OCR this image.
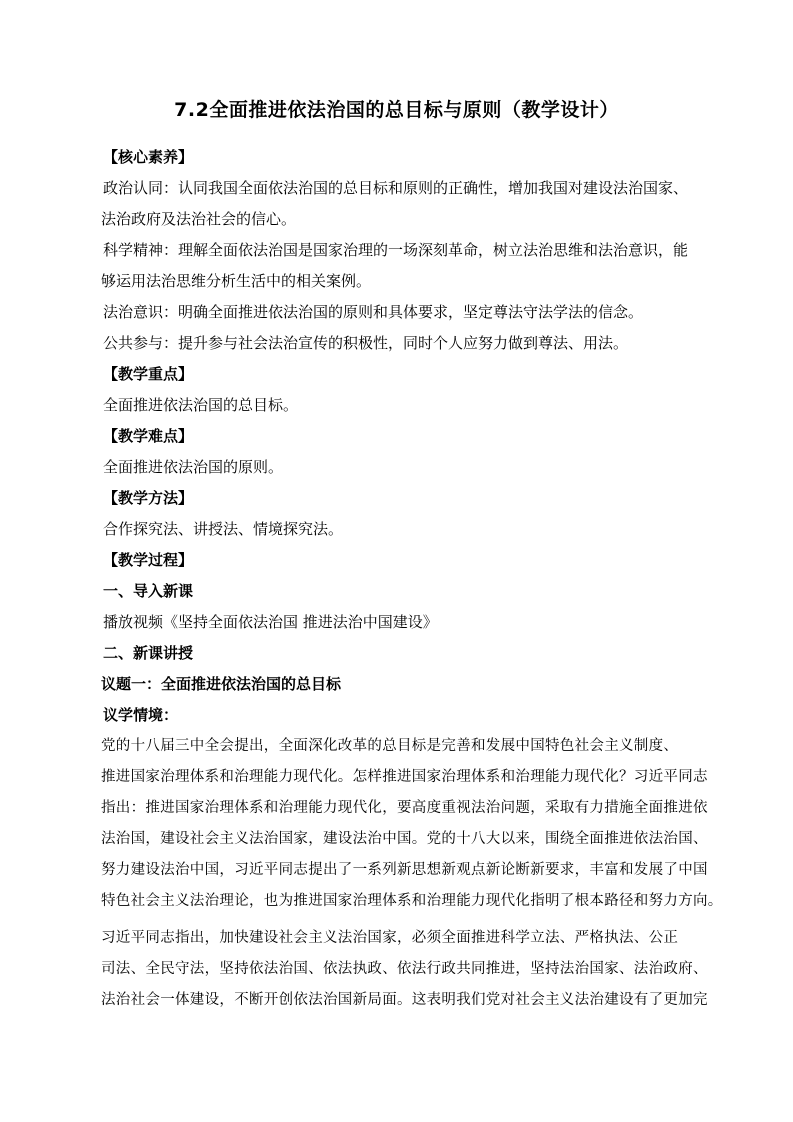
7.2全面推进依法治国的总目标与原则（教学设计）
【核心素养】
政治认同：认同我国全面依法治国的总目标和原则的正确性，增加我国对建设法治国家、
法治政府及法治社会的信心。
科学精神：理解全面依法治国是国家治理的一场深刻革命，树立法治思维和法治意识，能
够运用法治思维分析生活中的相关案例。
法治意识：明确全面推进依法治国的原则和具体要求，坚定尊法守法学法的信念。
公共参与：提升参与社会法治宣传的积极性，同时个人应努力做到尊法、用法。
【教学重点】
全面推进依法治国的总目标。
【教学难点】
全面推进依法治国的原则。
【教学方法】
合作探究法、讲授法、情境探究法。
【教学过程】
一、导入新课
播放视频《坚持全面依法治国 推进法治中国建设》
二、新课讲授
议题一：全面推进依法治国的总目标
议学情境：
党的十八届三中全会提出，全面深化改革的总目标是完善和发展中国特色社会主义制度、
推进国家治理体系和治理能力现代化。怎样推进国家治理体系和治理能力现代化？习近平同志
指出：推进国家治理体系和治理能力现代化，要高度重视法治问题，采取有力措施全面推进依
法治国，建设社会主义法治国家，建设法治中国。党的十八大以来，围绕全面推进依法治国、
努力建设法治中国，习近平同志提出了一系列新思想新观点新论断新要求，丰富和发展了中国
特色社会主义法治理论，也为推进国家治理体系和治理能力现代化指明了根本路径和努力方向。
习近平同志指出，加快建设社会主义法治国家，必须全面推进科学立法、严格执法、公正
司法、全民守法，坚持依法治国、依法执政、依法行政共同推进，坚持法治国家、法治政府、
法治社会一体建设，不断开创依法治国新局面。这表明我们党对社会主义法治建设有了更加完
